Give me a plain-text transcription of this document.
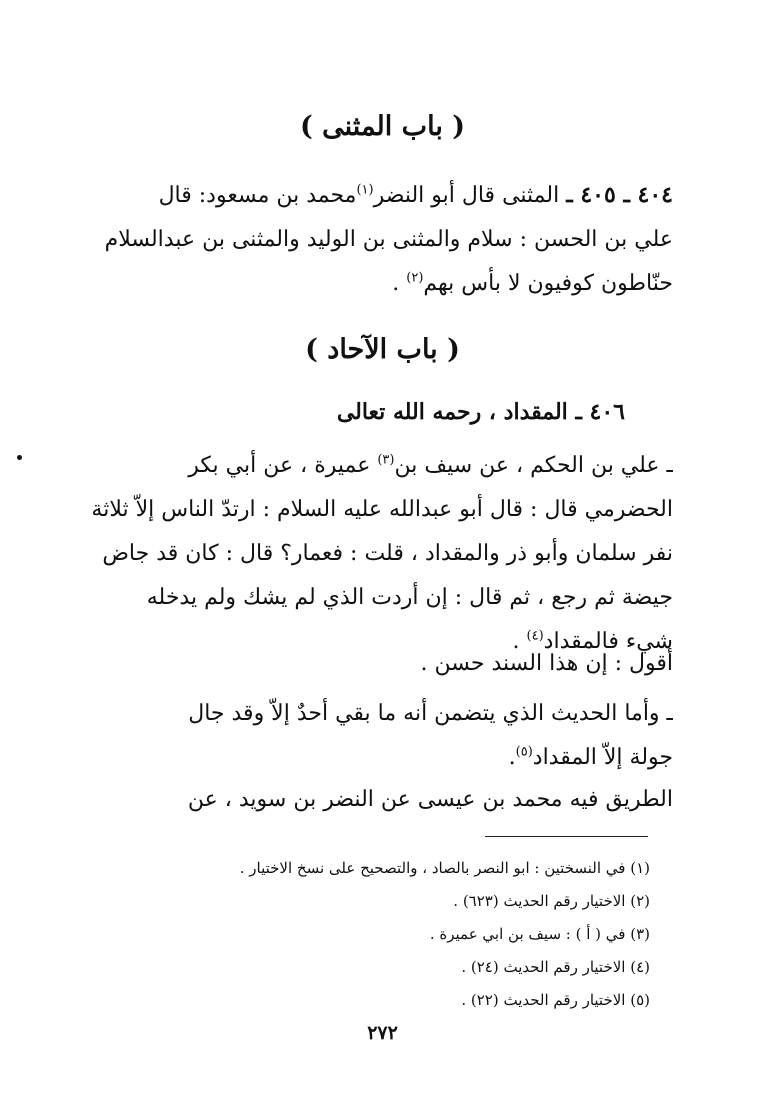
( باب المثنى )
٤٠٤ ـ ٤٠٥ ـ المثنى قال أبو النضر$^{(١)}$محمد بن مسعود: قال
علي بن الحسن : سلام والمثنى بن الوليد والمثنى بن عبدالسلام
حنّاطون كوفيون لا بأس بهم$^{(٢)}$ .
( باب الآحاد )
٤٠٦ ـ المقداد ، رحمه الله تعالى
ـ علي بن الحكم ، عن سيف بن$^{(٣)}$ عميرة ، عن أبي بكر
الحضرمي قال : قال أبو عبدالله عليه السلام : ارتدّ الناس إلاّ ثلاثة
نفر سلمان وأبو ذر والمقداد ، قلت : فعمار؟ قال : كان قد جاض
جيضة ثم رجع ، ثم قال : إن أردت الذي لم يشك ولم يدخله
شيء فالمقداد$^{(٤)}$ .
أقول : إن هذا السند حسن .
ـ وأما الحديث الذي يتضمن أنه ما بقي أحدٌ إلاّ وقد جال
جولة إلاّ المقداد$^{(٥)}$.
الطريق فيه محمد بن عيسى عن النضر بن سويد ، عن
(١) في النسختين : ابو النصر بالصاد ، والتصحيح على نسخ الاختيار .
(٢) الاختيار رقم الحديث (٦٢٣) .
(٣) في ( أ ) : سيف بن ابي عميرة .
(٤) الاختيار رقم الحديث (٢٤) .
(٥) الاختيار رقم الحديث (٢٢) .
٢٧٢
